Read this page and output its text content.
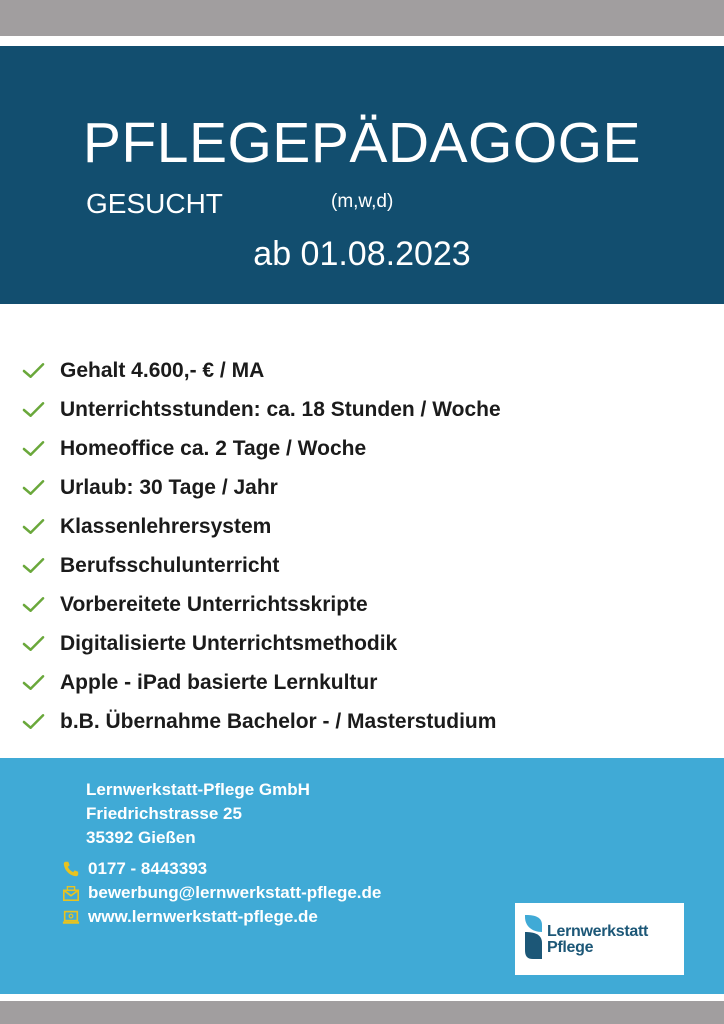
PFLEGEPÄDAGOGE
GESUCHT	(m,w,d)
ab 01.08.2023
Gehalt 4.600,- € / MA
Unterrichtsstunden: ca. 18 Stunden / Woche
Homeoffice ca. 2 Tage / Woche
Urlaub: 30 Tage / Jahr
Klassenlehrersystem
Berufsschulunterricht
Vorbereitete Unterrichtsskripte
Digitalisierte Unterrichtsmethodik
Apple - iPad basierte Lernkultur
b.B. Übernahme Bachelor - / Masterstudium
Lernwerkstatt-Pflege GmbH
Friedrichstrasse 25
35392 Gießen
0177 - 8443393
bewerbung@lernwerkstatt-pflege.de
www.lernwerkstatt-pflege.de
Lernwerkstatt
Pflege
